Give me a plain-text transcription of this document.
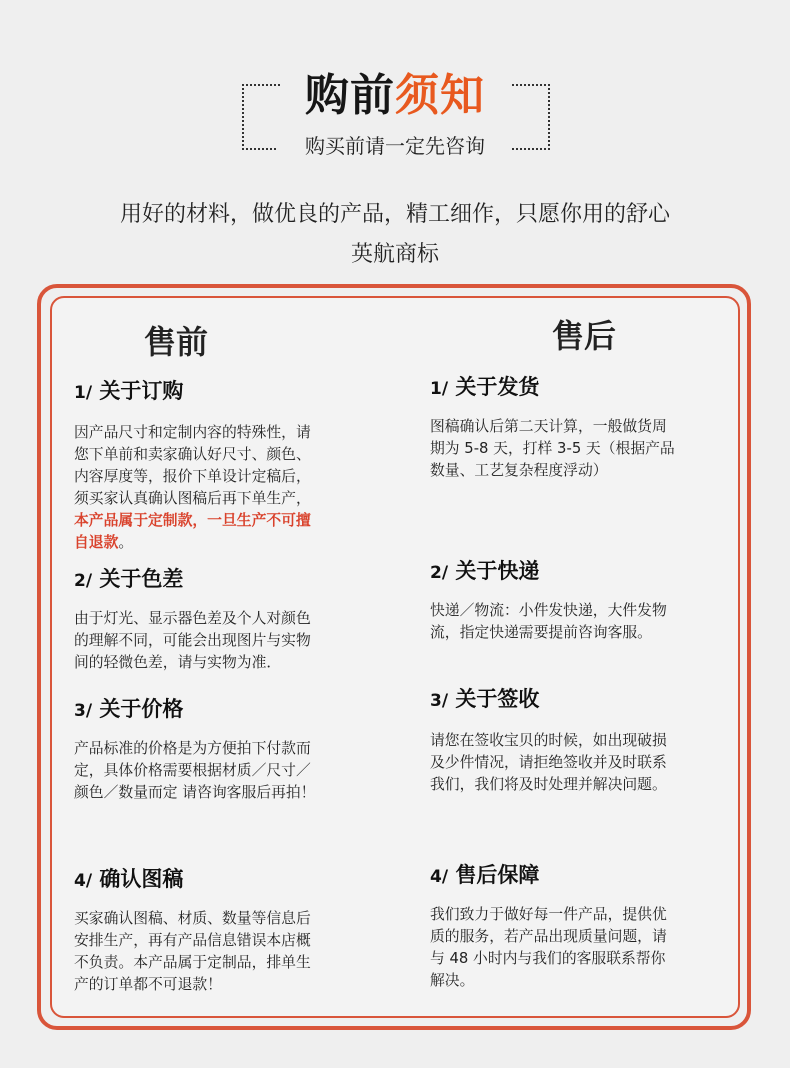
购前须知
购买前请一定先咨询
用好的材料，做优良的产品，精工细作，只愿你用的舒心
英航商标
售前
1/ 关于订购
因产品尺寸和定制内容的特殊性，请
您下单前和卖家确认好尺寸、颜色、
内容厚度等，报价下单设计定稿后，
须买家认真确认图稿后再下单生产，
本产品属于定制款，一旦生产不可擅
自退款。
2/ 关于色差
由于灯光、显示器色差及个人对颜色
的理解不同，可能会出现图片与实物
间的轻微色差，请与实物为准．
3/ 关于价格
产品标准的价格是为方便拍下付款而
定，具体价格需要根据材质／尺寸／
颜色／数量而定 请咨询客服后再拍！
4/ 确认图稿
买家确认图稿、材质、数量等信息后
安排生产，再有产品信息错误本店概
不负责。本产品属于定制品，排单生
产的订单都不可退款！
售后
1/ 关于发货
图稿确认后第二天计算，一般做货周
期为 5-8 天，打样 3-5 天（根据产品
数量、工艺复杂程度浮动）
2/ 关于快递
快递／物流：小件发快递，大件发物
流，指定快递需要提前咨询客服。
3/ 关于签收
请您在签收宝贝的时候，如出现破损
及少件情况，请拒绝签收并及时联系
我们，我们将及时处理并解决问题。
4/ 售后保障
我们致力于做好每一件产品，提供优
质的服务，若产品出现质量问题，请
与 48 小时内与我们的客服联系帮你
解决。
